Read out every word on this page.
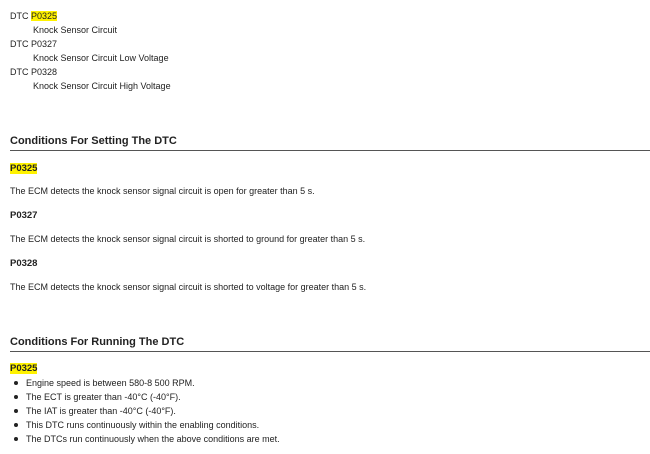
DTC P0325
Knock Sensor Circuit
DTC P0327
Knock Sensor Circuit Low Voltage
DTC P0328
Knock Sensor Circuit High Voltage
Conditions For Setting The DTC
P0325
The ECM detects the knock sensor signal circuit is open for greater than 5 s.
P0327
The ECM detects the knock sensor signal circuit is shorted to ground for greater than 5 s.
P0328
The ECM detects the knock sensor signal circuit is shorted to voltage for greater than 5 s.
Conditions For Running The DTC
P0325
Engine speed is between 580-8 500 RPM.
The ECT is greater than -40°C (-40°F).
The IAT is greater than -40°C (-40°F).
This DTC runs continuously within the enabling conditions.
The DTCs run continuously when the above conditions are met.
